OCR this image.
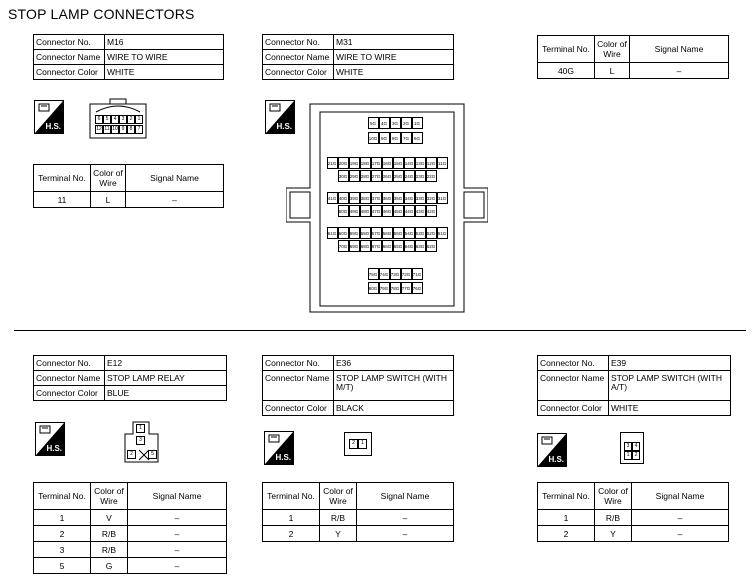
STOP LAMP CONNECTORS
Connector No.	M16
Connector Name	WIRE TO WIRE
Connector Color	WHITE
H.S.
6	5	4	3	2	1
12 11 10 9	8	7
Terminal No.	Color of Wire	Signal Name
11	L	–
Connector No.	M31
Connector Name	WIRE TO WIRE
Connector Color	WHITE
H.S.	5G	4G	3G	2G	1G
10G 9G	8G	7G	6G
21G 20G 19G 18G 17G 16G 15G 14G 13G 12G 11G
30G 29G 28G 27G 26G 25G 24G 23G 22G
41G 40G 39G 38G 37G 36G 35G 34G 33G 32G 31G
50G 49G 48G 47G 46G 45G 44G 43G 42G
61G 60G 59G 58G 57G 56G 55G 54G 53G 52G 51G
70G 69G 68G 67G 66G 65G 64G 63G 62G
75G 74G 73G 72G 71G
80G 79G 78G 77G 76G
Terminal No.	Color of Wire	Signal Name
40G	L	–
Connector No.	E12
Connector Name	STOP LAMP RELAY
Connector Color	BLUE
H.S.
1
3
2	5
Terminal No.	Color of Wire	Signal Name
1	V	–
2	R/B	–
3	R/B	–
5	G	–
Connector No.	E36
Connector Name	STOP LAMP SWITCH (WITH M/T)
Connector Color	BLACK
H.S.
2	1
Terminal No.	Color of Wire	Signal Name
1	R/B	–
2	Y	–
Connector No.	E39
Connector Name	STOP LAMP SWITCH (WITH A/T)
Connector Color	WHITE
H.S.
3	4
1	2
Terminal No.	Color of Wire	Signal Name
1	R/B	–
2	Y	–
